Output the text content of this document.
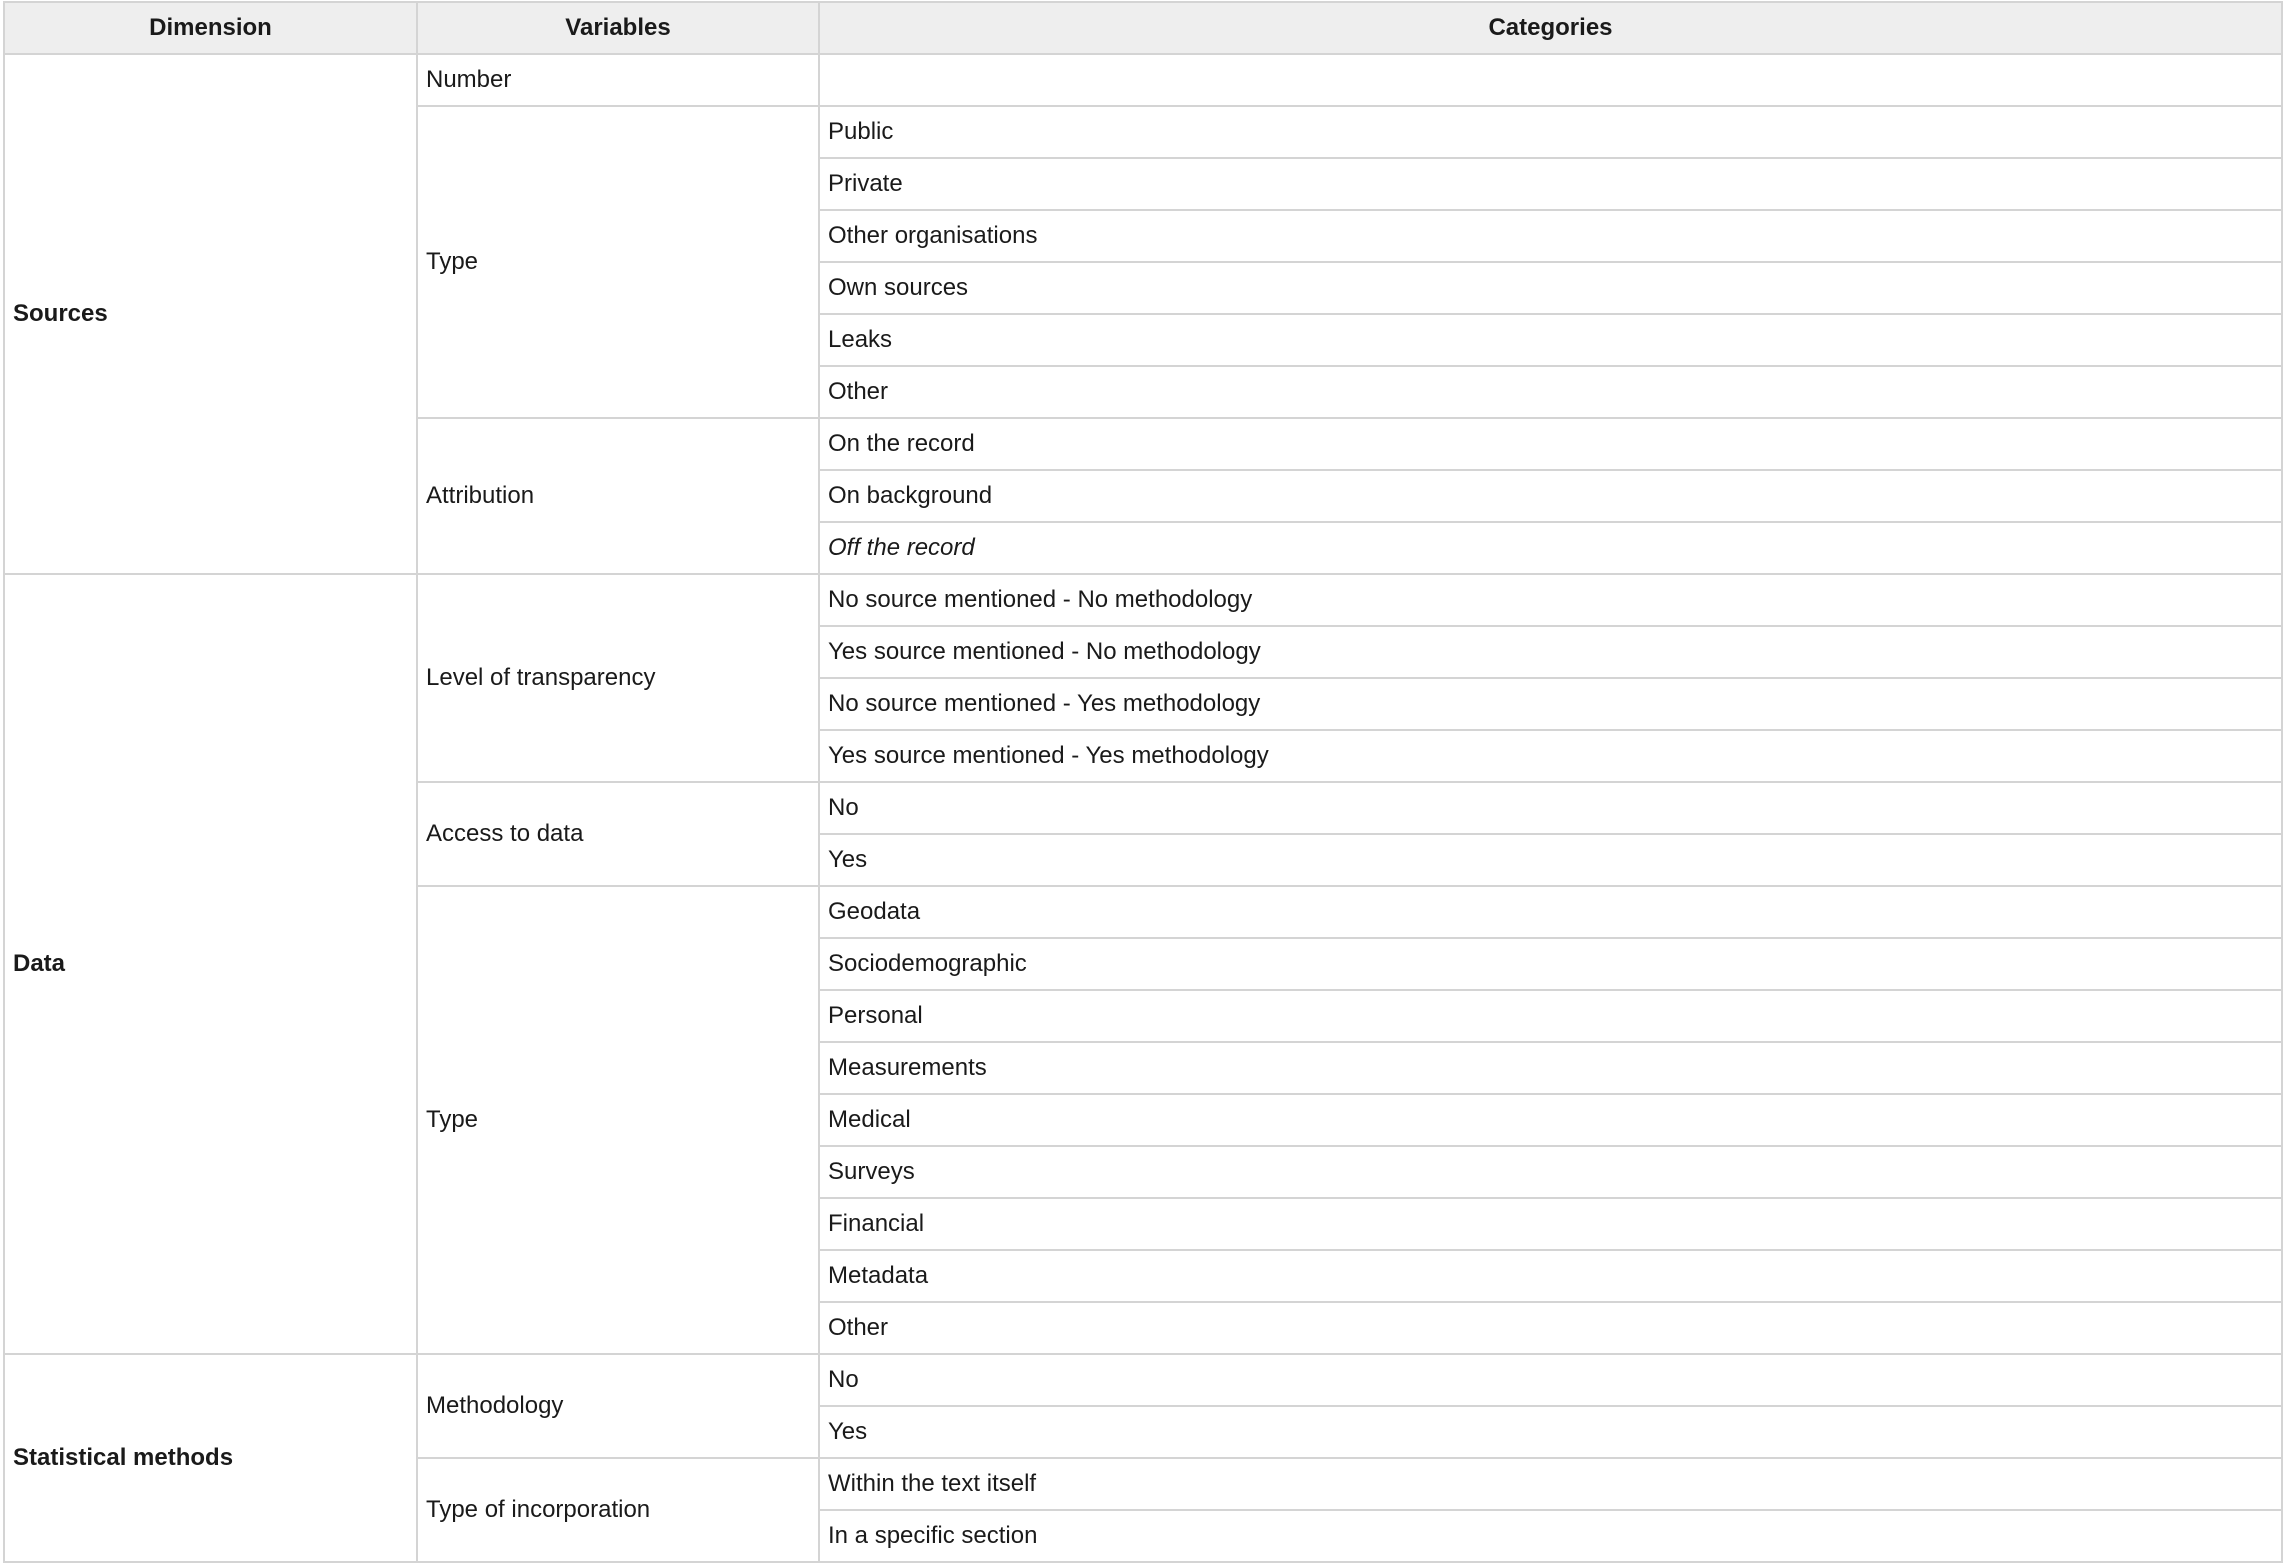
Dimension	Variables	Categories
Sources	Number	
	Type	Public
		Private
		Other organisations
		Own sources
		Leaks
		Other
	Attribution	On the record
		On background
		Off the record
Data	Level of transparency	No source mentioned - No methodology
		Yes source mentioned - No methodology
		No source mentioned - Yes methodology
		Yes source mentioned - Yes methodology
	Access to data	No
		Yes
	Type	Geodata
		Sociodemographic
		Personal
		Measurements
		Medical
		Surveys
		Financial
		Metadata
		Other
Statistical methods	Methodology	No
		Yes
	Type of incorporation	Within the text itself
		In a specific section
